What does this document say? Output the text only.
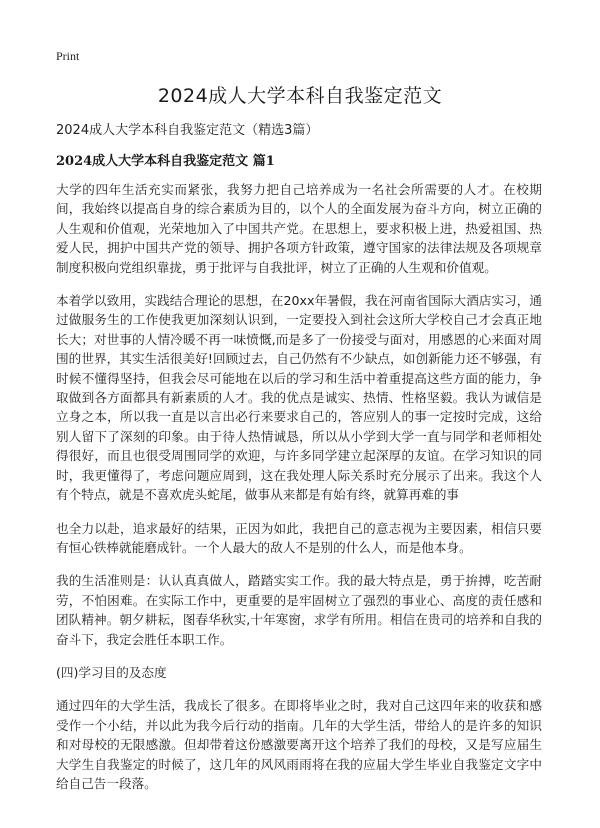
Print
2024成人大学本科自我鉴定范文
2024成人大学本科自我鉴定范文（精选3篇）
2024成人大学本科自我鉴定范文 篇1

大学的四年生活充实而紧张，我努力把自己培养成为一名社会所需要的人才。在校期间，我始终以提高自身的综合素质为目的，以个人的全面发展为奋斗方向，树立正确的人生观和价值观，光荣地加入了中国共产党。在思想上，要求积极上进，热爱祖国、热爱人民，拥护中国共产党的领导、拥护各项方针政策，遵守国家的法律法规及各项规章制度积极向党组织靠拢，勇于批评与自我批评，树立了正确的人生观和价值观。

本着学以致用，实践结合理论的思想，在20xx年暑假，我在河南省国际大酒店实习，通过做服务生的工作使我更加深刻认识到，一定要投入到社会这所大学校自己才会真正地长大；对世事的人情冷暖不再一味愤慨,而是多了一份接受与面对，用感恩的心来面对周围的世界，其实生活很美好!回顾过去，自己仍然有不少缺点，如创新能力还不够强，有时候不懂得坚持，但我会尽可能地在以后的学习和生活中着重提高这些方面的能力，争取做到各方面都具有新素质的人才。我的优点是诚实、热情、性格坚毅。我认为诚信是立身之本，所以我一直是以言出必行来要求自己的，答应别人的事一定按时完成，这给别人留下了深刻的印象。由于待人热情诚恳，所以从小学到大学一直与同学和老师相处得很好，而且也很受周围同学的欢迎，与许多同学建立起深厚的友谊。在学习知识的同时，我更懂得了，考虑问题应周到，这在我处理人际关系时充分展示了出来。我这个人有个特点，就是不喜欢虎头蛇尾，做事从来都是有始有终，就算再难的事

也全力以赴，追求最好的结果，正因为如此，我把自己的意志视为主要因素，相信只要有恒心铁棒就能磨成针。一个人最大的敌人不是别的什么人，而是他本身。

我的生活准则是：认认真真做人，踏踏实实工作。我的最大特点是，勇于拚搏，吃苦耐劳，不怕困难。在实际工作中，更重要的是牢固树立了强烈的事业心、高度的责任感和团队精神。朝夕耕耘，图春华秋实,十年寒窗，求学有所用。相信在贵司的培养和自我的奋斗下，我定会胜任本职工作。

(四)学习目的及态度

通过四年的大学生活，我成长了很多。在即将毕业之时，我对自己这四年来的收获和感受作一个小结，并以此为我今后行动的指南。几年的大学生活，带给人的是许多的知识和对母校的无限感激。但却带着这份感激要离开这个培养了我们的母校，又是写应届生大学生自我鉴定的时候了，这几年的风风雨雨将在我的应届大学生毕业自我鉴定文字中给自己告一段落。
